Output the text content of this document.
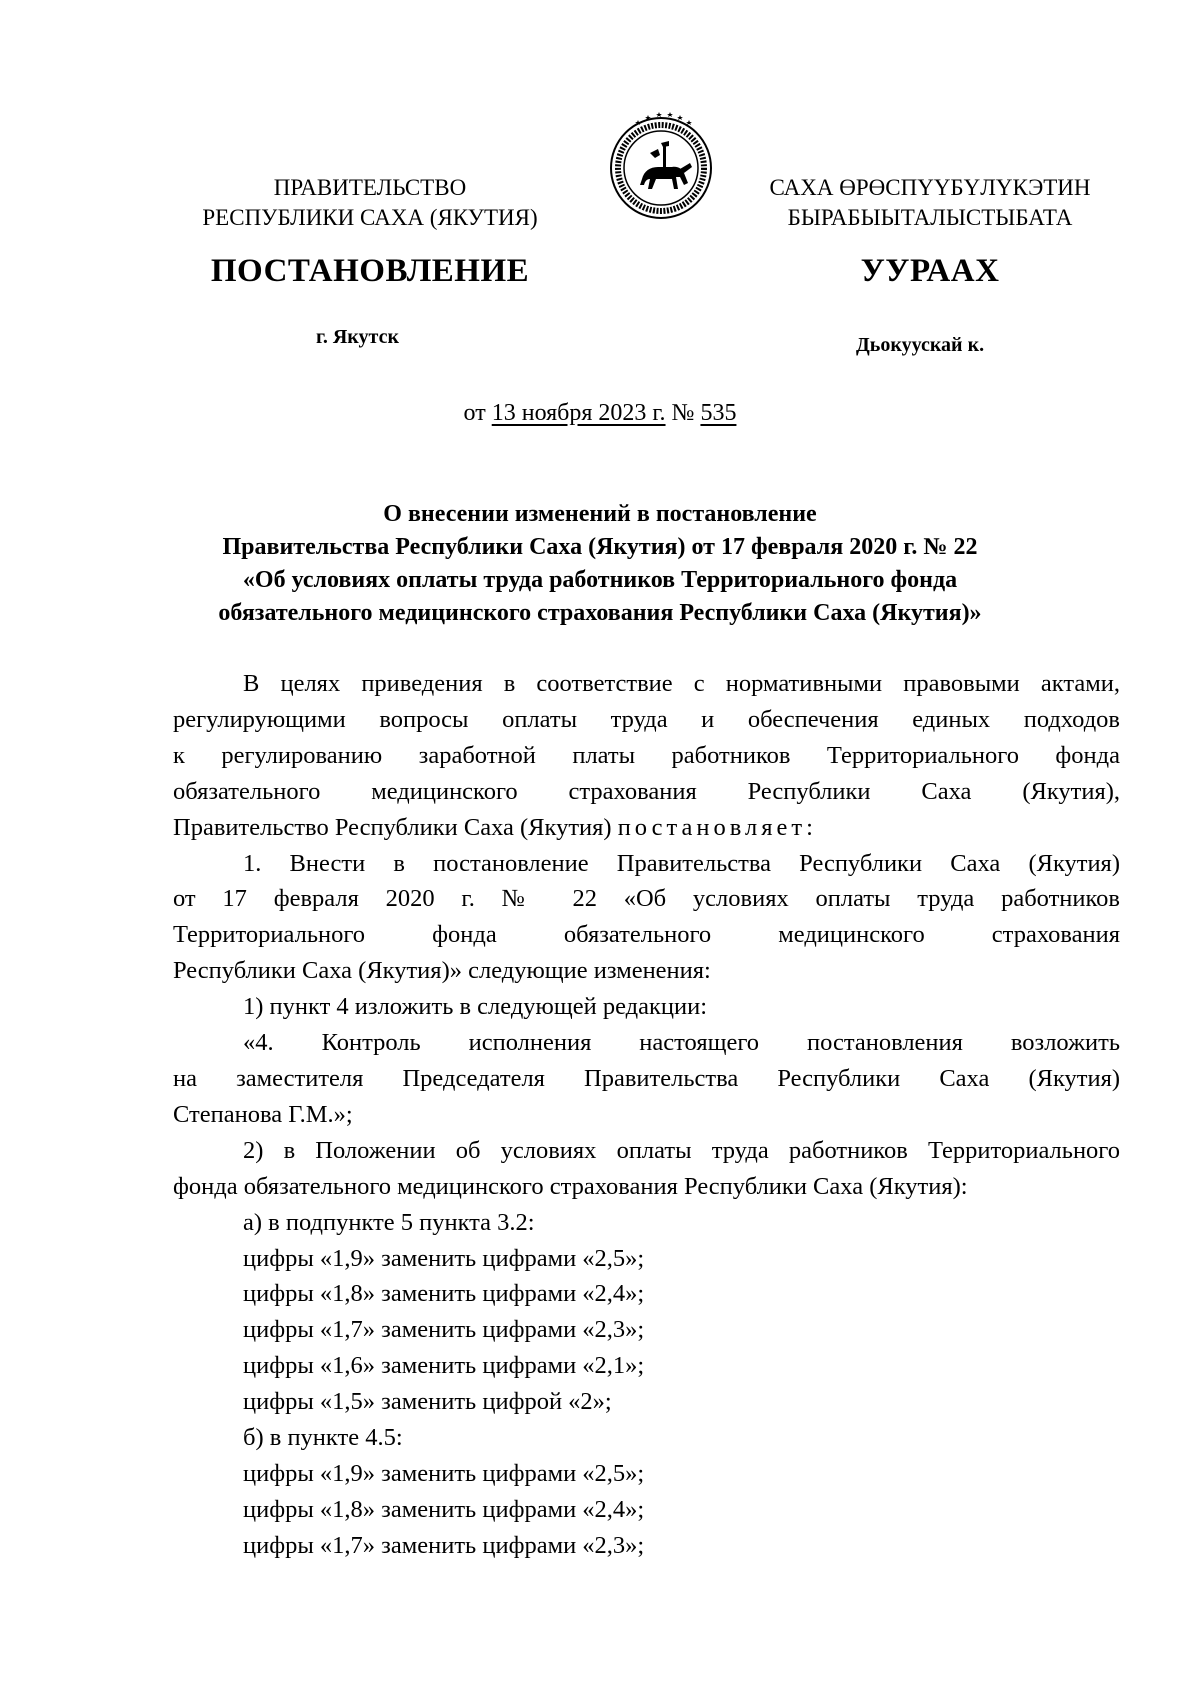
ПРАВИТЕЛЬСТВО
РЕСПУБЛИКИ САХА (ЯКУТИЯ)
САХА ӨРӨСПҮҮБҮЛҮКЭТИН
БЫРАБЫЫТАЛЫСТЫБАТА
ПОСТАНОВЛЕНИЕ	УУРААХ
г. Якутск	Дьокуускай к.
от 13 ноября 2023 г. № 535
О внесении изменений в постановление
Правительства Республики Саха (Якутия) от 17 февраля 2020 г. № 22
«Об условиях оплаты труда работников Территориального фонда
обязательного медицинского страхования Республики Саха (Якутия)»

В целях приведения в соответствие с нормативными правовыми актами,

регулирующими вопросы оплаты труда и обеспечения единых подходов

к регулированию заработной платы работников Территориального фонда

обязательного медицинского страхования Республики Саха (Якутия),

Правительство Республики Саха (Якутия) постановляет:

1. Внести в постановление Правительства Республики Саха (Якутия)

от 17 февраля 2020 г. № 22 «Об условиях оплаты труда работников

Территориального фонда обязательного медицинского страхования

Республики Саха (Якутия)» следующие изменения:

1) пункт 4 изложить в следующей редакции:

«4. Контроль исполнения настоящего постановления возложить

на заместителя Председателя Правительства Республики Саха (Якутия)

Степанова Г.М.»;

2) в Положении об условиях оплаты труда работников Территориального

фонда обязательного медицинского страхования Республики Саха (Якутия):

а) в подпункте 5 пункта 3.2:

цифры «1,9» заменить цифрами «2,5»;

цифры «1,8» заменить цифрами «2,4»;

цифры «1,7» заменить цифрами «2,3»;

цифры «1,6» заменить цифрами «2,1»;

цифры «1,5» заменить цифрой «2»;

б) в пункте 4.5:

цифры «1,9» заменить цифрами «2,5»;

цифры «1,8» заменить цифрами «2,4»;

цифры «1,7» заменить цифрами «2,3»;
